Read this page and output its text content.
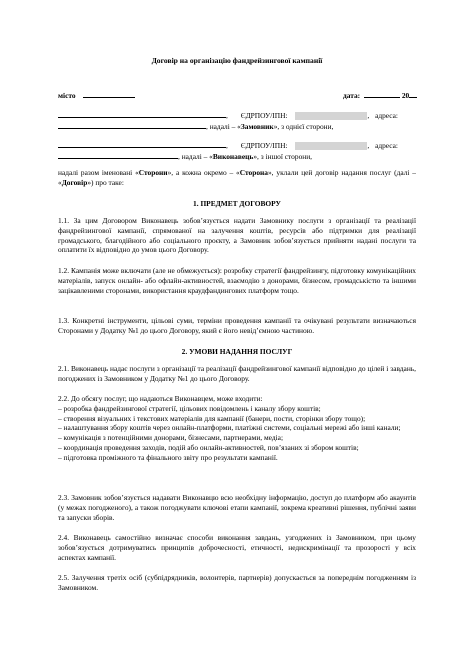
Договір на організацію фандрейзингової кампанії
місто	дата:	20
, ЄДРПОУ/ІПН:	, адреса:
, надалі – «Замовник», з однієї сторони,
, ЄДРПОУ/ІПН:	, адреса:
, надалі – «Виконавець», з іншої сторони,

надалі разом іменовані «Сторони», а кожна окремо – «Сторона», уклали цей договір надання послуг (далі – «Договір») про таке:

1. ПРЕДМЕТ ДОГОВОРУ

1.1. За цим Договором Виконавець зобов’язується надати Замовнику послуги з організації та реалізації фандрейзингової кампанії, спрямованої на залучення коштів, ресурсів або підтримки для реалізації громадського, благодійного або соціального проєкту, а Замовник зобов’язується прийняти надані послуги та оплатити їх відповідно до умов цього Договору.

1.2. Кампанія може включати (але не обмежується): розробку стратегії фандрейзингу, підготовку комунікаційних матеріалів, запуск онлайн- або офлайн-активностей, взаємодію з донорами, бізнесом, громадськістю та іншими зацікавленими сторонами, використання краудфандингових платформ тощо.

1.3. Конкретні інструменти, цільові суми, терміни проведення кампанії та очікувані результати визначаються Сторонами у Додатку №1 до цього Договору, який є його невід’ємною частиною.

2. УМОВИ НАДАННЯ ПОСЛУГ

2.1. Виконавець надає послуги з організації та реалізації фандрейзингової кампанії відповідно до цілей і завдань, погоджених із Замовником у Додатку №1 до цього Договору.

2.2. До обсягу послуг, що надаються Виконавцем, може входити:

– розробка фандрейзингової стратегії, цільових повідомлень і каналу збору коштів;

– створення візуальних і текстових матеріалів для кампанії (банери, пости, сторінки збору тощо);

– налаштування збору коштів через онлайн-платформи, платіжні системи, соціальні мережі або інші канали;

– комунікація з потенційними донорами, бізнесами, партнерами, медіа;

– координація проведення заходів, подій або онлайн-активностей, пов’язаних зі збором коштів;

– підготовка проміжного та фінального звіту про результати кампанії.

2.3. Замовник зобов’язується надавати Виконавцю всю необхідну інформацію, доступ до платформ або акаунтів (у межах погодженого), а також погоджувати ключові етапи кампанії, зокрема креативні рішення, публічні заяви та запуски зборів.

2.4. Виконавець самостійно визначає способи виконання завдань, узгоджених із Замовником, при цьому зобов’язується дотримуватись принципів доброчесності, етичності, недискримінації та прозорості у всіх аспектах кампанії.

2.5. Залучення третіх осіб (субпідрядників, волонтерів, партнерів) допускається за попереднім погодженням із Замовником.
